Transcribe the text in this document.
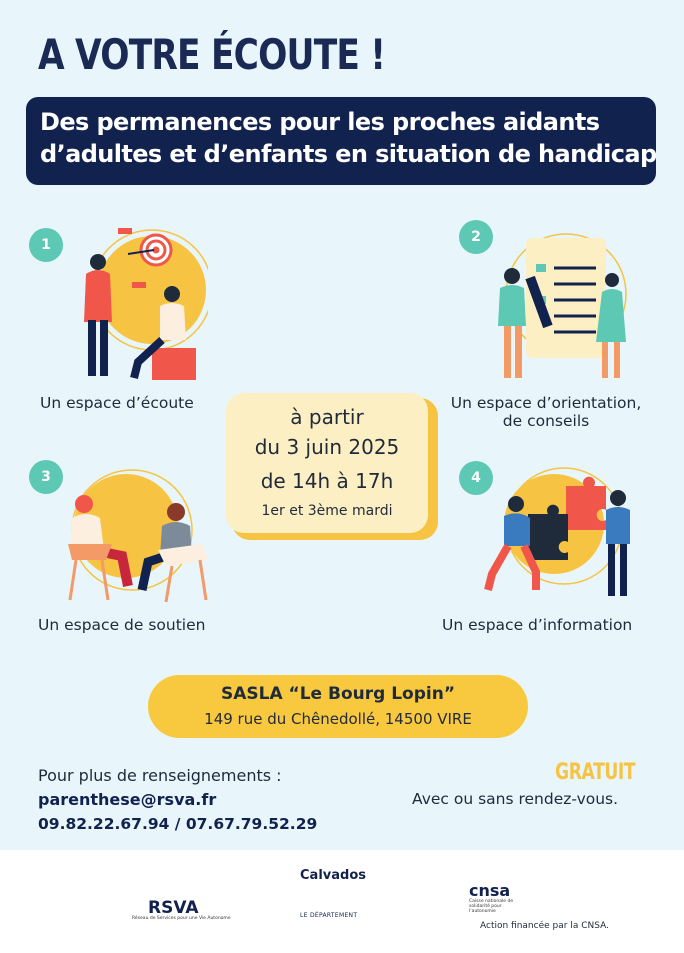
A VOTRE ÉCOUTE !
Des permanences pour les proches aidants
d’adultes et d’enfants en situation de handicap
1
Un espace d’écoute
2
Un espace d’orientation,
de conseils
à partir
du 3 juin 2025
de 14h à 17h
1er et 3ème mardi
3
Un espace de soutien
4
Un espace d’information
SASLA “Le Bourg Lopin”
149 rue du Chênedollé, 14500 VIRE
Pour plus de renseignements :
parenthese@rsva.fr
09.82.22.67.94 / 07.67.79.52.29
GRATUIT
Avec ou sans rendez-vous.
RSVA
Réseau de Services pour une Vie Autonome
Calvados
LE DÉPARTEMENT
cnsa
Caisse nationale de solidarité pour l’autonomie
Action financée par la CNSA.
